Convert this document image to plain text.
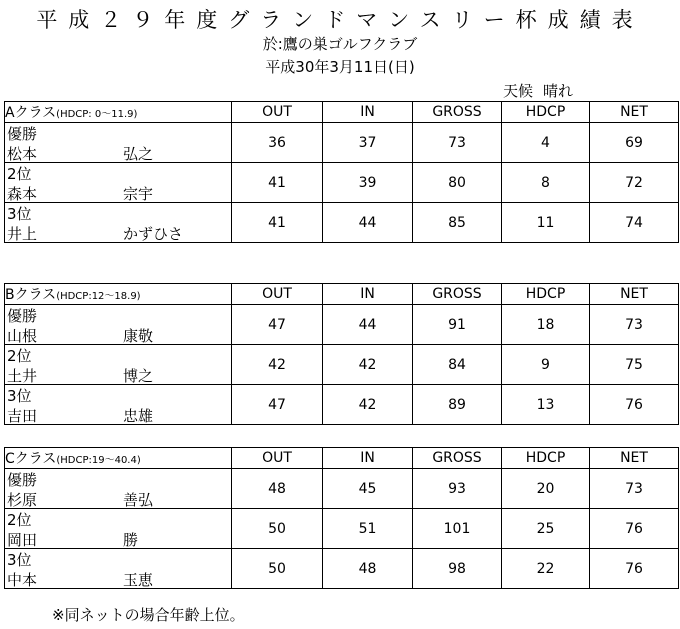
平成２９年度グランドマンスリー杯成績表
於:鷹の巣ゴルフクラブ
平成30年3月11日(日)
天候 晴れ
Aクラス(HDCP: 0〜11.9)	OUT	IN	GROSS	HDCP	NET

優勝
松本 弘之	36	37	73	4	69

2位
森本 宗宇	41	39	80	8	72

3位
井上 かずひさ	41	44	85	11	74
Bクラス(HDCP:12〜18.9)	OUT	IN	GROSS	HDCP	NET

優勝
山根 康敬	47	44	91	18	73

2位
土井 博之	42	42	84	9	75

3位
吉田 忠雄	47	42	89	13	76
Cクラス(HDCP:19〜40.4)	OUT	IN	GROSS	HDCP	NET

優勝
杉原 善弘	48	45	93	20	73

2位
岡田 勝	50	51	101	25	76

3位
中本 玉恵	50	48	98	22	76
※同ネットの場合年齢上位。
